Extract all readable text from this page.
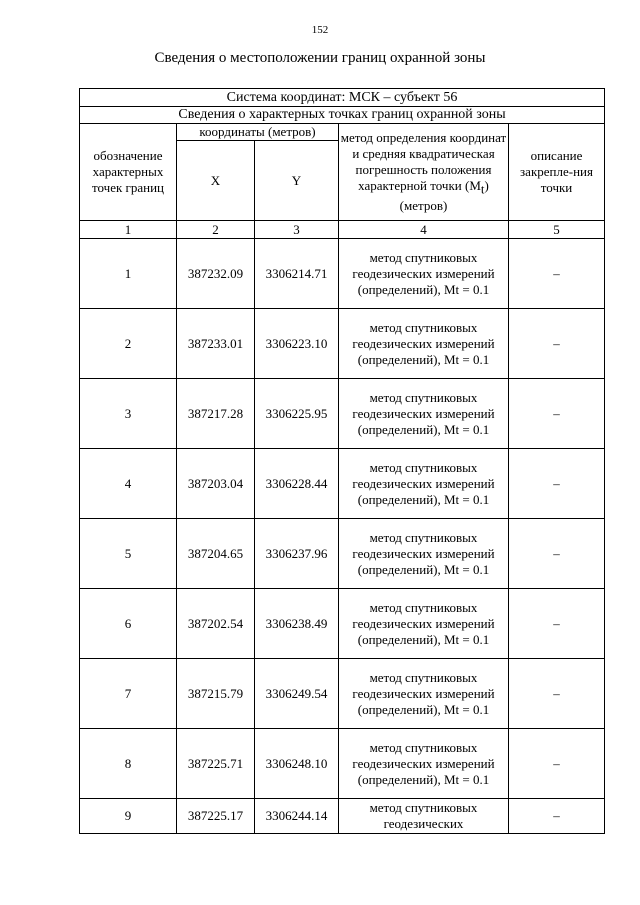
152
Сведения о местоположении границ охранной зоны
Система координат: МСК – субъект 56				
Сведения о характерных точках границ охранной зоны				
обозначение характерных точек границ	координаты (метров)		метод определения координат и средняя квадратическая погрешность положения характерной точки $(M_t)$ (метров)	описание закрепле-ния точки
	X	Y		
1	2	3	4	5
1	387232.09	3306214.71	метод спутниковых геодезических измерений (определений), Mt = 0.1	–
2	387233.01	3306223.10	метод спутниковых геодезических измерений (определений), Mt = 0.1	–
3	387217.28	3306225.95	метод спутниковых геодезических измерений (определений), Mt = 0.1	–
4	387203.04	3306228.44	метод спутниковых геодезических измерений (определений), Mt = 0.1	–
5	387204.65	3306237.96	метод спутниковых геодезических измерений (определений), Mt = 0.1	–
6	387202.54	3306238.49	метод спутниковых геодезических измерений (определений), Mt = 0.1	–
7	387215.79	3306249.54	метод спутниковых геодезических измерений (определений), Mt = 0.1	–
8	387225.71	3306248.10	метод спутниковых геодезических измерений (определений), Mt = 0.1	–
9	387225.17	3306244.14	метод спутниковых геодезических	–
